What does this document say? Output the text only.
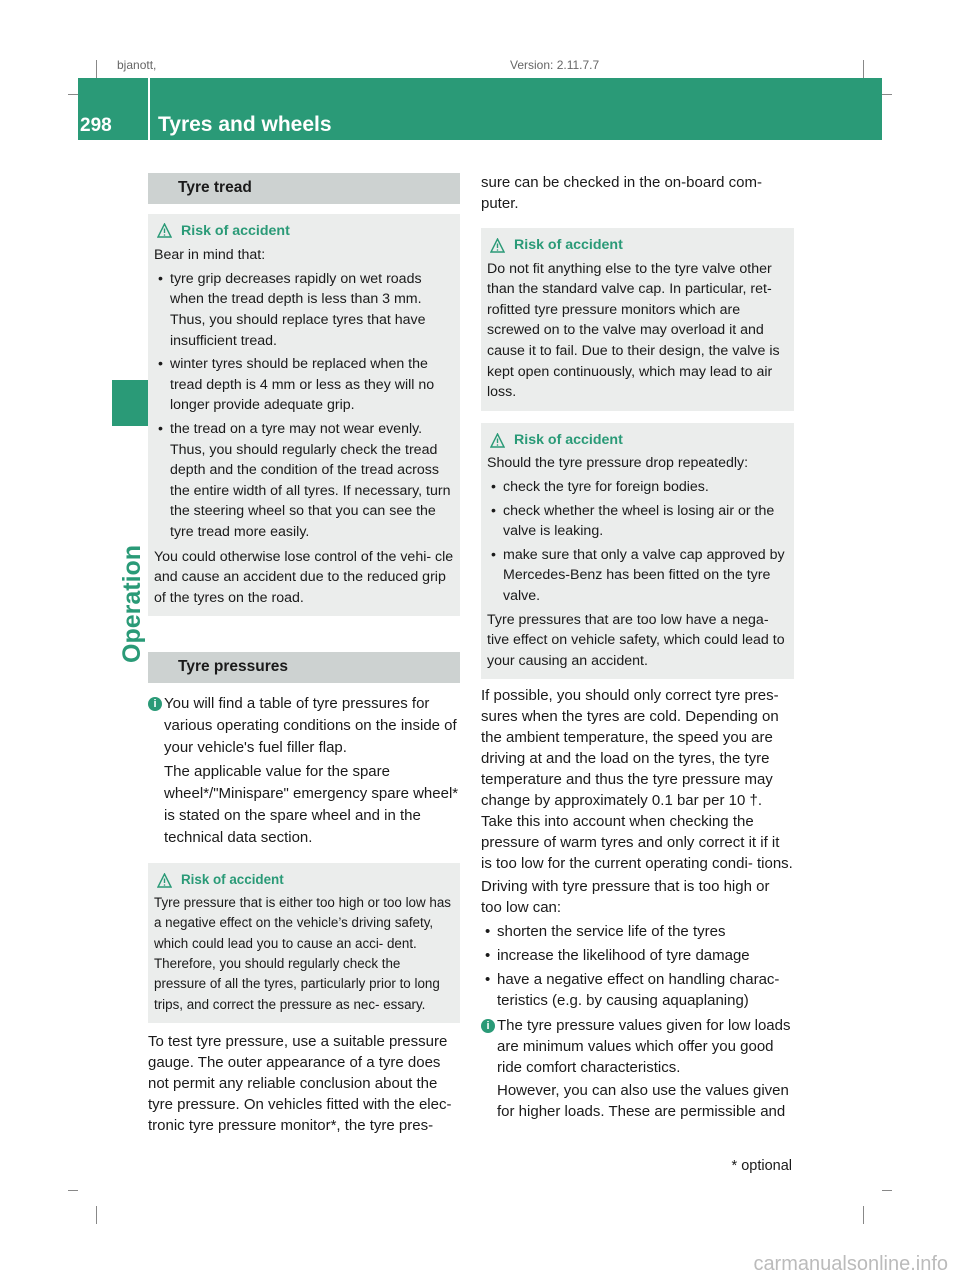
bjanott,	Version: 2.11.7.7
298 Tyres and wheels
Operation
Tyre tread
Risk of accident

Bear in mind that:

• tyre grip decreases rapidly on wet roads when the tread depth is less than 3 mm. Thus, you should replace tyres that have insufficient tread.
• winter tyres should be replaced when the tread depth is 4 mm or less as they will no longer provide adequate grip.
• the tread on a tyre may not wear evenly. Thus, you should regularly check the tread depth and the condition of the tread across the entire width of all tyres. If necessary, turn the steering wheel so that you can see the tyre tread more easily.

You could otherwise lose control of the vehi- cle and cause an accident due to the reduced grip of the tyres on the road.

Tyre pressures
i You will find a table of tyre pressures for various operating conditions on the inside of your vehicle's fuel filler flap.

The applicable value for the spare wheel*/"Minispare" emergency spare wheel* is stated on the spare wheel and in the technical data section.

Risk of accident

Tyre pressure that is either too high or too low has a negative effect on the vehicle’s driving safety, which could lead you to cause an acci- dent. Therefore, you should regularly check the pressure of all the tyres, particularly prior to long trips, and correct the pressure as nec- essary.

To test tyre pressure, use a suitable pressure gauge. The outer appearance of a tyre does not permit any reliable conclusion about the tyre pressure. On vehicles fitted with the elec- tronic tyre pressure monitor*, the tyre pres-

sure can be checked in the on-board com- puter.

Risk of accident

Do not fit anything else to the tyre valve other than the standard valve cap. In particular, ret- rofitted tyre pressure monitors which are screwed on to the valve may overload it and cause it to fail. Due to their design, the valve is kept open continuously, which may lead to air loss.

Risk of accident

Should the tyre pressure drop repeatedly:

• check the tyre for foreign bodies.
• check whether the wheel is losing air or the valve is leaking.
• make sure that only a valve cap approved by Mercedes-Benz has been fitted on the tyre valve.

Tyre pressures that are too low have a nega- tive effect on vehicle safety, which could lead to your causing an accident.

If possible, you should only correct tyre pres- sures when the tyres are cold. Depending on the ambient temperature, the speed you are driving at and the load on the tyres, the tyre temperature and thus the tyre pressure may change by approximately 0.1 bar per 10 †. Take this into account when checking the pressure of warm tyres and only correct it if it is too low for the current operating condi- tions.

Driving with tyre pressure that is too high or too low can:

• shorten the service life of the tyres
• increase the likelihood of tyre damage
• have a negative effect on handling charac- teristics (e.g. by causing aquaplaning)
i The tyre pressure values given for low loads are minimum values which offer you good ride comfort characteristics.

However, you can also use the values given for higher loads. These are permissible and

* optional
carmanualsonline.info
